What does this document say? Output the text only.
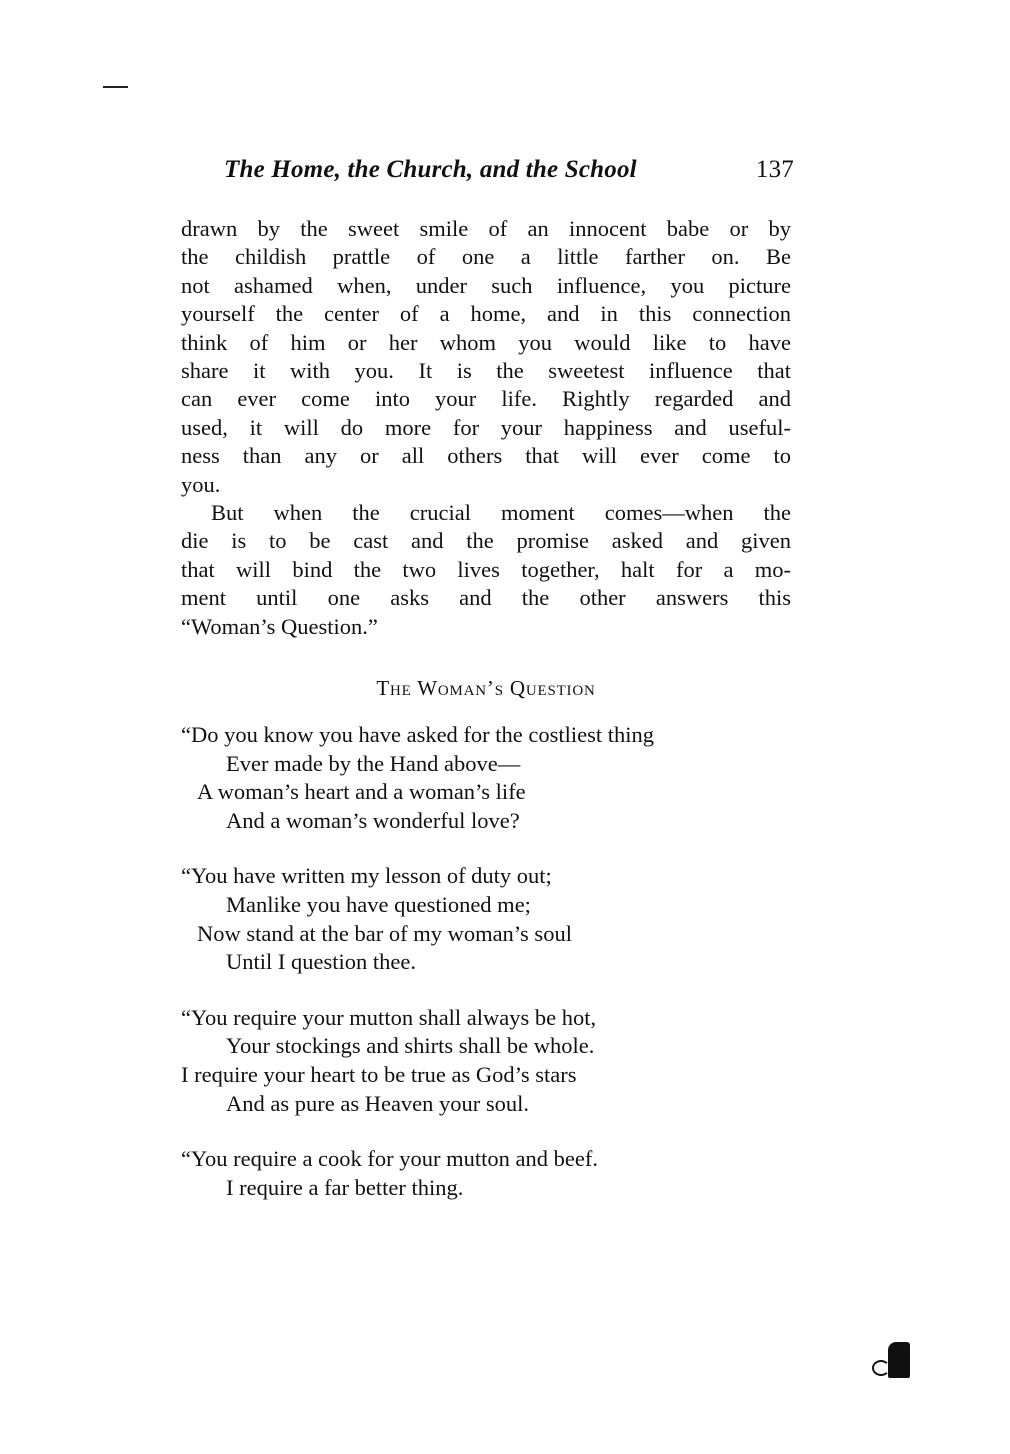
The Home, the Church, and the School	137
drawn by the sweet smile of an innocent babe or by
the childish prattle of one a little farther on. Be
not ashamed when, under such influence, you picture
yourself the center of a home, and in this connection
think of him or her whom you would like to have
share it with you. It is the sweetest influence that
can ever come into your life. Rightly regarded and
used, it will do more for your happiness and useful-
ness than any or all others that will ever come to
you.
But when the crucial moment comes—when the
die is to be cast and the promise asked and given
that will bind the two lives together, halt for a mo-
ment until one asks and the other answers this
“Woman’s Question.”
The Woman’s Question
“Do you know you have asked for the costliest thing
Ever made by the Hand above—
A woman’s heart and a woman’s life
And a woman’s wonderful love?
“You have written my lesson of duty out;
Manlike you have questioned me;
Now stand at the bar of my woman’s soul
Until I question thee.
“You require your mutton shall always be hot,
Your stockings and shirts shall be whole.
I require your heart to be true as God’s stars
And as pure as Heaven your soul.
“You require a cook for your mutton and beef.
I require a far better thing.
